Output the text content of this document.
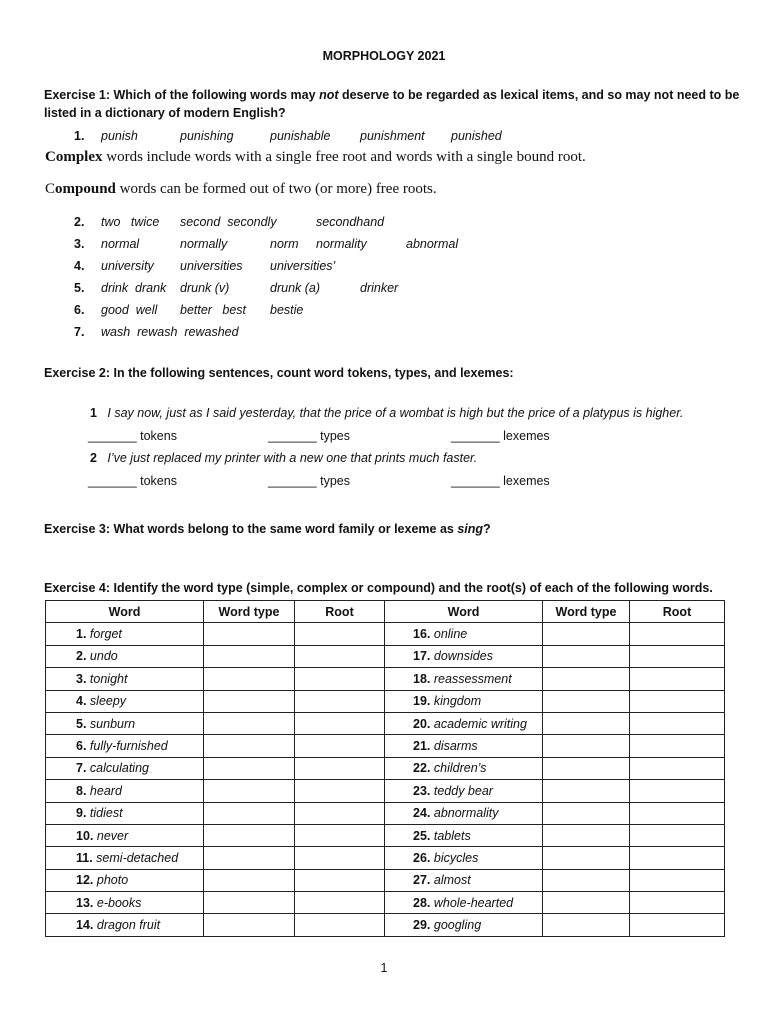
MORPHOLOGY 2021
Exercise 1: Which of the following words may not deserve to be regarded as lexical items, and so may not need to be
listed in a dictionary of modern English?
1. punish	punishing	punishable punishment punished
Complex words include words with a single free root and words with a single bound root.
Compound words can be formed out of two (or more) free roots.
2. two   twice second  secondly	secondhand
3. normal	normally	norm normality	abnormal
4. university universities universities’
5. drink  drank drunk (v)	drunk (a)	drinker
6. good  well better   best bestie
7. wash  rewash  rewashed
Exercise 2: In the following sentences, count word tokens, types, and lexemes:
1 I say now, just as I said yesterday, that the price of a wombat is high but the price of a platypus is higher.
_______ tokens	_______ types	_______ lexemes
2 I’ve just replaced my printer with a new one that prints much faster.
_______ tokens	_______ types	_______ lexemes
Exercise 3: What words belong to the same word family or lexeme as sing?
Exercise 4: Identify the word type (simple, complex or compound) and the root(s) of each of the following words.
Word	Word type	Root	Word	Word type	Root
1. forget			16. online		
2. undo			17. downsides		
3. tonight			18. reassessment		
4. sleepy			19. kingdom		
5. sunburn			20. academic writing		
6. fully-furnished			21. disarms		
7. calculating			22. children’s		
8. heard			23. teddy bear		
9. tidiest			24. abnormality		
10. never			25. tablets		
11. semi-detached			26. bicycles		
12. photo			27. almost		
13. e-books			28. whole-hearted		
14. dragon fruit			29. googling		
1
